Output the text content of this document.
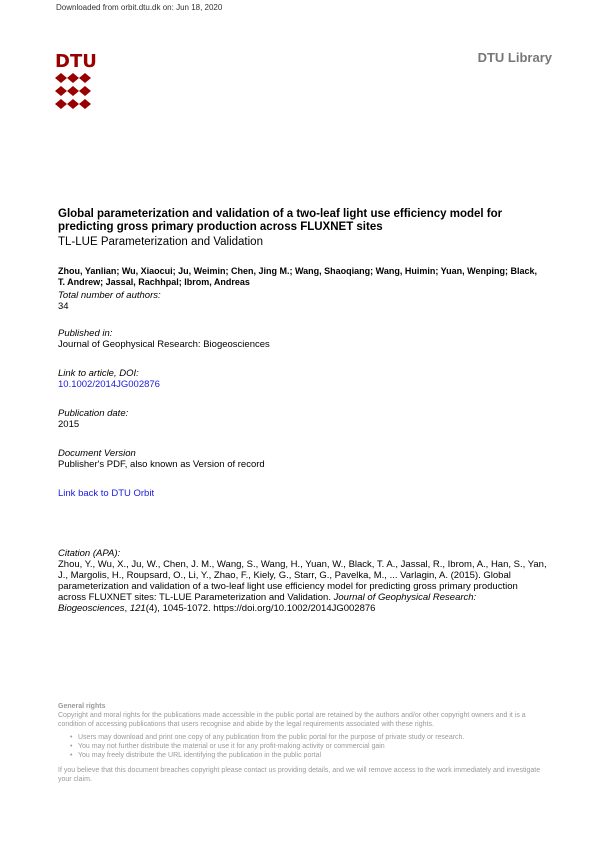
Downloaded from orbit.dtu.dk on: Jun 18, 2020
DTU	DTU Library
Global parameterization and validation of a two-leaf light use efficiency model for predicting gross primary production across FLUXNET sites
TL-LUE Parameterization and Validation
Zhou, Yanlian; Wu, Xiaocui; Ju, Weimin; Chen, Jing M.; Wang, Shaoqiang; Wang, Huimin; Yuan, Wenping; Black, T. Andrew; Jassal, Rachhpal; Ibrom, Andreas
Total number of authors:
34
Published in:
Journal of Geophysical Research: Biogeosciences
Link to article, DOI:
10.1002/2014JG002876
Publication date:
2015
Document Version
Publisher's PDF, also known as Version of record
Link back to DTU Orbit
Citation (APA):
Zhou, Y., Wu, X., Ju, W., Chen, J. M., Wang, S., Wang, H., Yuan, W., Black, T. A., Jassal, R., Ibrom, A., Han, S., Yan, J., Margolis, H., Roupsard, O., Li, Y., Zhao, F., Kiely, G., Starr, G., Pavelka, M., ... Varlagin, A. (2015). Global parameterization and validation of a two-leaf light use efficiency model for predicting gross primary production across FLUXNET sites: TL-LUE Parameterization and Validation. Journal of Geophysical Research: Biogeosciences, 121(4), 1045-1072. https://doi.org/10.1002/2014JG002876
General rights
Copyright and moral rights for the publications made accessible in the public portal are retained by the authors and/or other copyright owners and it is a condition of accessing publications that users recognise and abide by the legal requirements associated with these rights.
• Users may download and print one copy of any publication from the public portal for the purpose of private study or research.
• You may not further distribute the material or use it for any profit-making activity or commercial gain
• You may freely distribute the URL identifying the publication in the public portal
If you believe that this document breaches copyright please contact us providing details, and we will remove access to the work immediately and investigate your claim.
